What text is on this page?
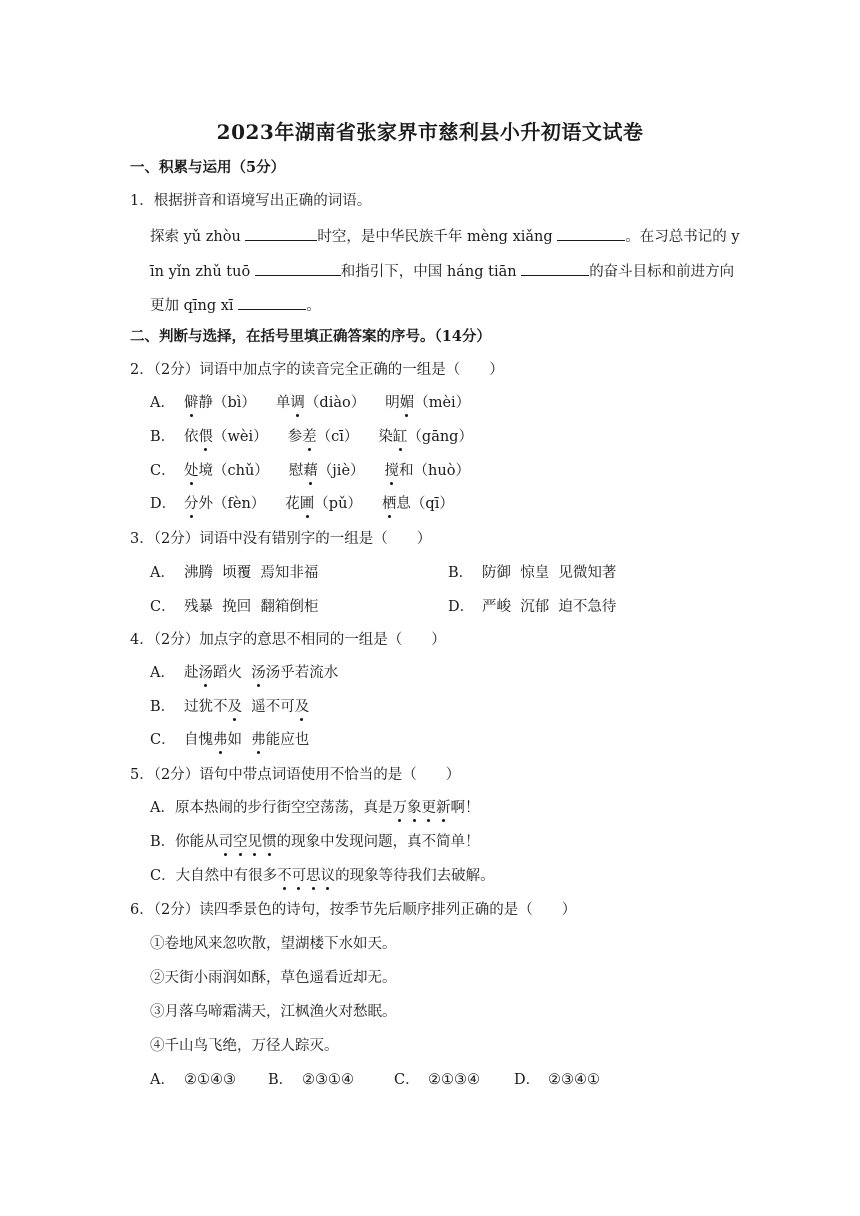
2023年湖南省张家界市慈利县小升初语文试卷
一、积累与运用（5分）
1．根据拼音和语境写出正确的词语。
探索 yǔ zhòu	时空，是中华民族千年 mèng xiǎng	。在习总书记的 y
īn yǐn zhǔ tuō	和指引下，中国 háng tiān	的奋斗目标和前进方向
更加 qīng xī	。
二、判断与选择，在括号里填正确答案的序号。（14分）
2．（2分）词语中加点字的读音完全正确的一组是（　　）
A． 僻静（bì） 单调（diào） 明媚（mèi）
B． 依偎（wèi） 参差（cī） 染缸（gāng）
C． 处境（chǔ） 慰藉（jiè） 搅和（huò）
D． 分外（fèn） 花圃（pǔ） 栖息（qī）
3．（2分）词语中没有错别字的一组是（　　）
A． 沸腾  顷覆  焉知非福	B． 防御  惊皇  见微知著
C． 残暴  挽回  翻箱倒柜	D． 严峻  沉郁  迫不急待
4．（2分）加点字的意思不相同的一组是（　　）
A． 赴汤蹈火  汤汤乎若流水
B． 过犹不及  遥不可及
C． 自愧弗如  弗能应也
5．（2分）语句中带点词语使用不恰当的是（　　）
A．原本热闹的步行街空空荡荡，真是万象更新啊！
B．你能从司空见惯的现象中发现问题，真不简单！
C．大自然中有很多不可思议的现象等待我们去破解。
6．（2分）读四季景色的诗句，按季节先后顺序排列正确的是（　　）
①卷地风来忽吹散，望湖楼下水如天。
②天街小雨润如酥，草色遥看近却无。
③月落乌啼霜满天，江枫渔火对愁眠。
④千山鸟飞绝，万径人踪灭。
A． ②①④③ B． ②③①④	C． ②①③④ D． ②③④①
